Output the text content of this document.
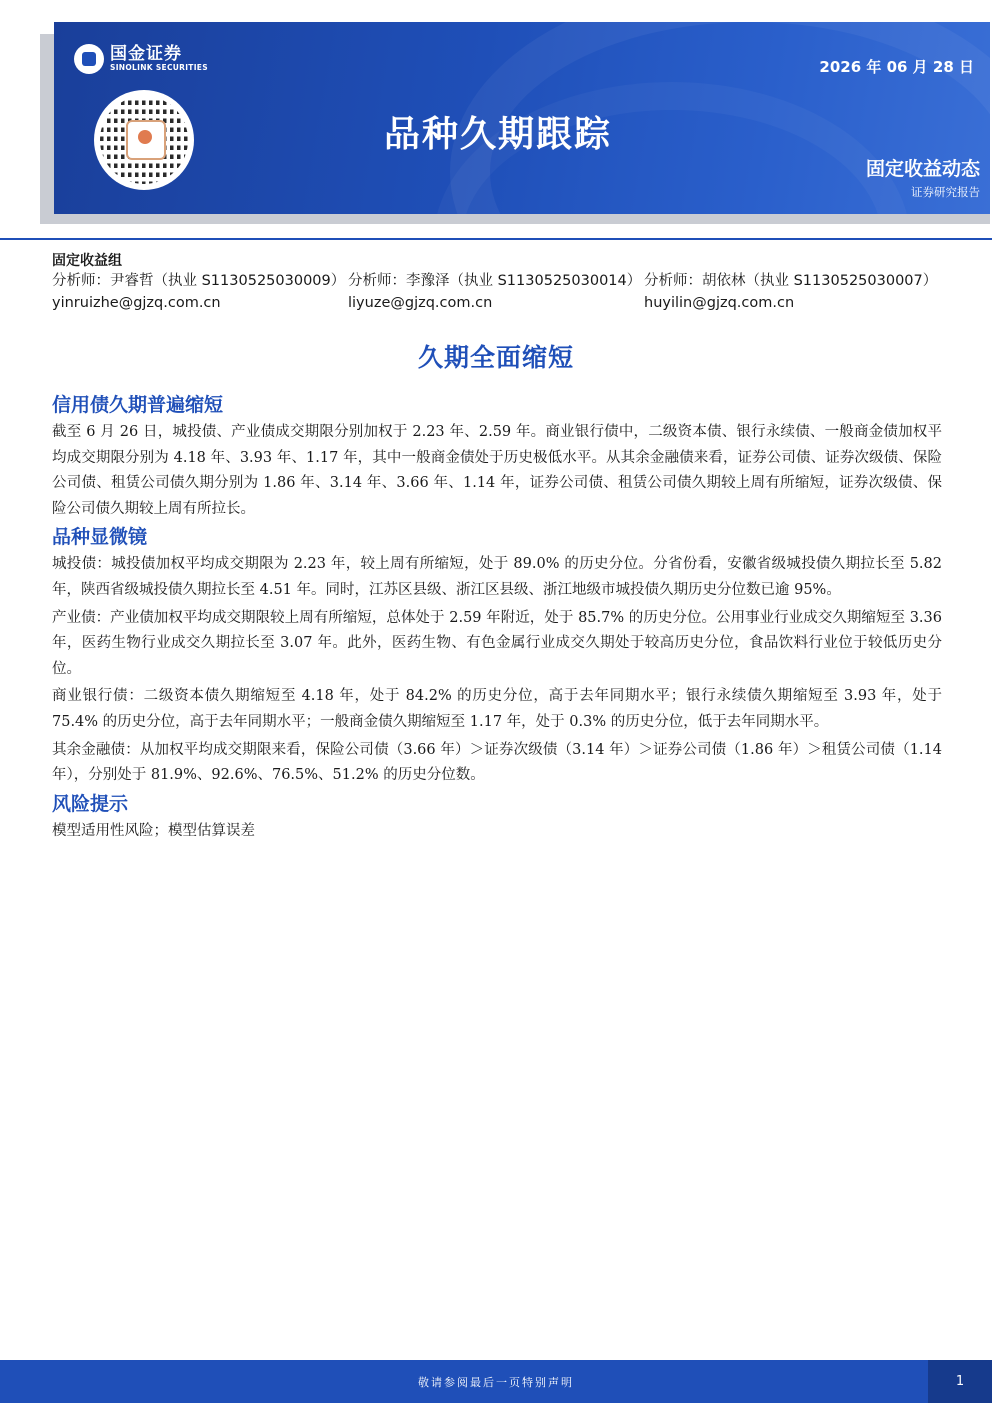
国金证券
SINOLINK SECURITIES
品种久期跟踪
2026 年 06 月 28 日
固定收益动态
证券研究报告
固定收益组
分析师：尹睿哲（执业 S1130525030009）
yinruizhe@gjzq.com.cn
分析师：李豫泽（执业 S1130525030014）
liyuze@gjzq.com.cn
分析师：胡依林（执业 S1130525030007）
huyilin@gjzq.com.cn
久期全面缩短
信用债久期普遍缩短

截至 6 月 26 日，城投债、产业债成交期限分别加权于 2.23 年、2.59 年。商业银行债中，二级资本债、银行永续债、一般商金债加权平均成交期限分别为 4.18 年、3.93 年、1.17 年，其中一般商金债处于历史极低水平。从其余金融债来看，证券公司债、证券次级债、保险公司债、租赁公司债久期分别为 1.86 年、3.14 年、3.66 年、1.14 年，证券公司债、租赁公司债久期较上周有所缩短，证券次级债、保险公司债久期较上周有所拉长。

品种显微镜

城投债：城投债加权平均成交期限为 2.23 年，较上周有所缩短，处于 89.0% 的历史分位。分省份看，安徽省级城投债久期拉长至 5.82 年，陕西省级城投债久期拉长至 4.51 年。同时，江苏区县级、浙江区县级、浙江地级市城投债久期历史分位数已逾 95%。

产业债：产业债加权平均成交期限较上周有所缩短，总体处于 2.59 年附近，处于 85.7% 的历史分位。公用事业行业成交久期缩短至 3.36 年，医药生物行业成交久期拉长至 3.07 年。此外，医药生物、有色金属行业成交久期处于较高历史分位，食品饮料行业位于较低历史分位。

商业银行债：二级资本债久期缩短至 4.18 年，处于 84.2% 的历史分位，高于去年同期水平；银行永续债久期缩短至 3.93 年，处于 75.4% 的历史分位，高于去年同期水平；一般商金债久期缩短至 1.17 年，处于 0.3% 的历史分位，低于去年同期水平。

其余金融债：从加权平均成交期限来看，保险公司债（3.66 年）＞证券次级债（3.14 年）＞证券公司债（1.86 年）＞租赁公司债（1.14 年），分别处于 81.9%、92.6%、76.5%、51.2% 的历史分位数。

风险提示

模型适用性风险；模型估算误差

敬请参阅最后一页特别声明	1
